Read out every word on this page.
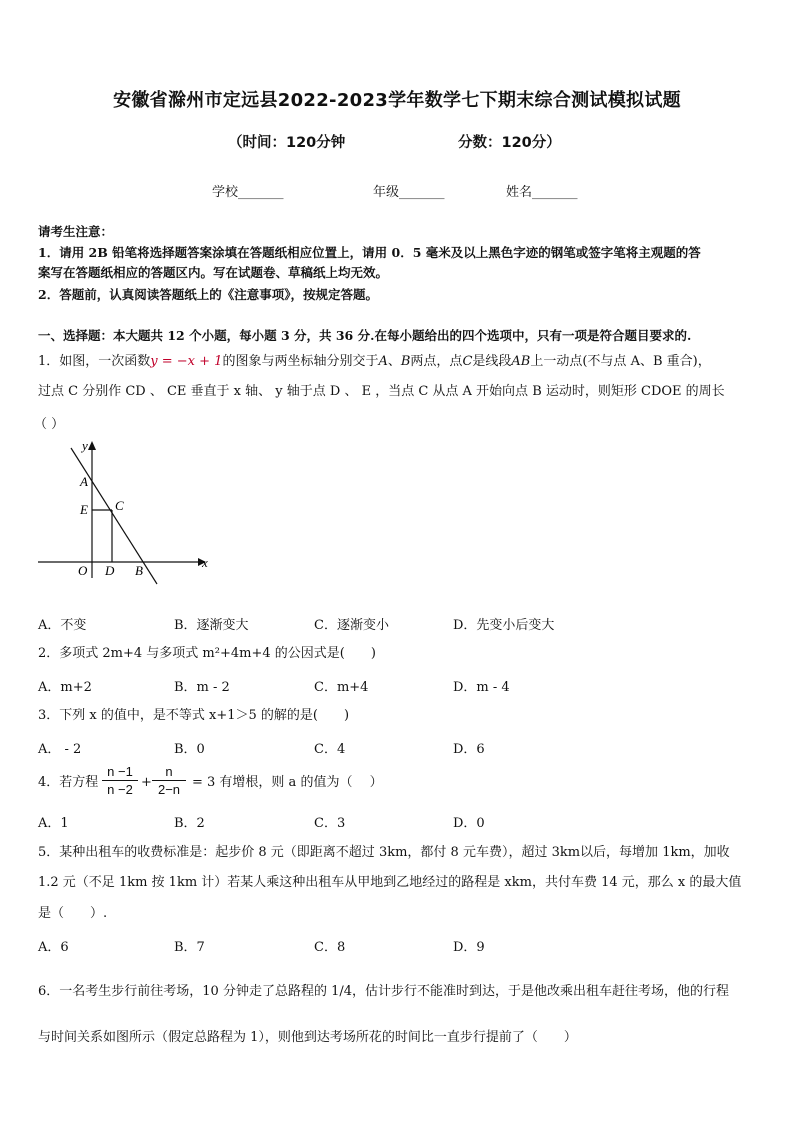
安徽省滁州市定远县2022-2023学年数学七下期末综合测试模拟试题
（时间：120分钟	分数：120分）
学校_______	年级_______	姓名_______
请考生注意：
1．请用 2B 铅笔将选择题答案涂填在答题纸相应位置上，请用 0．5 毫米及以上黑色字迹的钢笔或签字笔将主观题的答
案写在答题纸相应的答题区内。写在试题卷、草稿纸上均无效。
2．答题前，认真阅读答题纸上的《注意事项》，按规定答题。
一、选择题：本大题共 12 个小题，每小题 3 分，共 36 分.在每小题给出的四个选项中，只有一项是符合题目要求的.
1．如图，一次函数y = −x + 1的图象与两坐标轴分别交于A、B两点，点C是线段AB上一动点(不与点 A、B 重合)，
过点 C 分别作 CD 、 CE 垂直于 x 轴、 y 轴于点 D 、 E ，当点 C 从点 A 开始向点 B 运动时，则矩形 CDOE 的周长
（ ）
y
x
A
E C
O D B
A．不变	B．逐渐变大	C．逐渐变小	D．先变小后变大
2．多项式 2m+4 与多项式 m²+4m+4 的公因式是(　　)
A．m+2	B．m - 2	C．m+4	D．m - 4
3．下列 x 的值中，是不等式 x+1＞5 的解的是(　　)
A． - 2	B．0	C．4	D．6
4．若方程 $\frac{n -1}{n -2} + \frac{n}{2-n} = 3$ 有增根，则 a 的值为（　 ）
A．1	B．2	C．3	D．0
5．某种出租车的收费标准是：起步价 8 元（即距离不超过 3km，都付 8 元车费），超过 3km以后，每增加 1km，加收
1.2 元（不足 1km 按 1km 计）若某人乘这种出租车从甲地到乙地经过的路程是 xkm，共付车费 14 元，那么 x 的最大值
是（　　）.
A．6	B．7	C．8	D．9
6．一名考生步行前往考场，10 分钟走了总路程的 1/4，估计步行不能准时到达，于是他改乘出租车赶往考场，他的行程
与时间关系如图所示（假定总路程为 1），则他到达考场所花的时间比一直步行提前了（　　）
